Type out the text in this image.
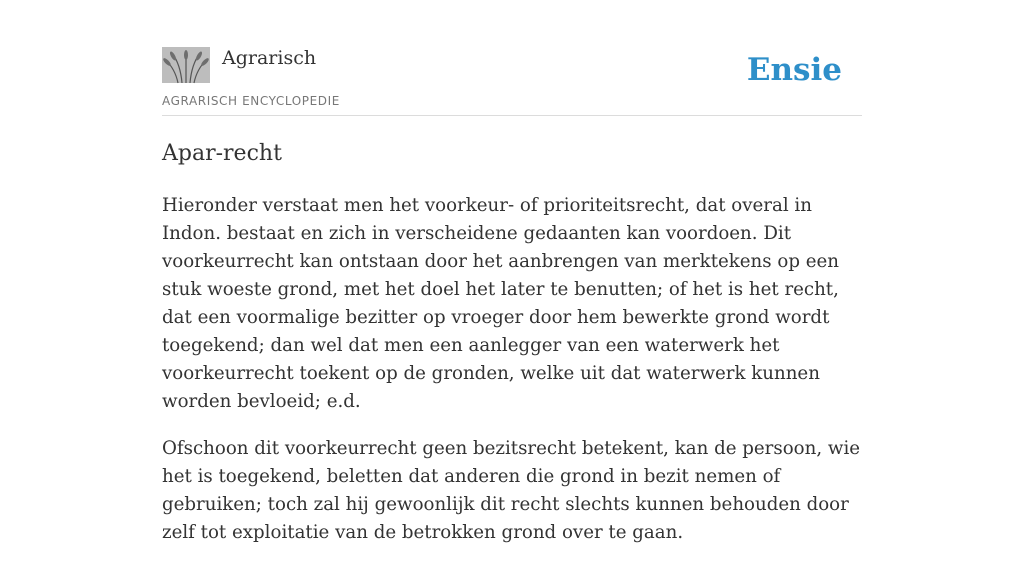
Agrarisch
AGRARISCH ENCYCLOPEDIE
Ensie
Apar-recht

Hieronder verstaat men het voorkeur- of prioriteitsrecht, dat overal in Indon. bestaat en zich in verscheidene gedaanten kan voordoen. Dit voorkeurrecht kan ontstaan door het aanbrengen van merktekens op een stuk woeste grond, met het doel het later te benutten; of het is het recht, dat een voormalige bezitter op vroeger door hem bewerkte grond wordt toegekend; dan wel dat men een aanlegger van een waterwerk het voorkeurrecht toekent op de gronden, welke uit dat waterwerk kunnen worden bevloeid; e.d.

Ofschoon dit voorkeurrecht geen bezitsrecht betekent, kan de persoon, wie het is toegekend, beletten dat anderen die grond in bezit nemen of gebruiken; toch zal hij gewoonlijk dit recht slechts kunnen behouden door zelf tot exploitatie van de betrokken grond over te gaan.
